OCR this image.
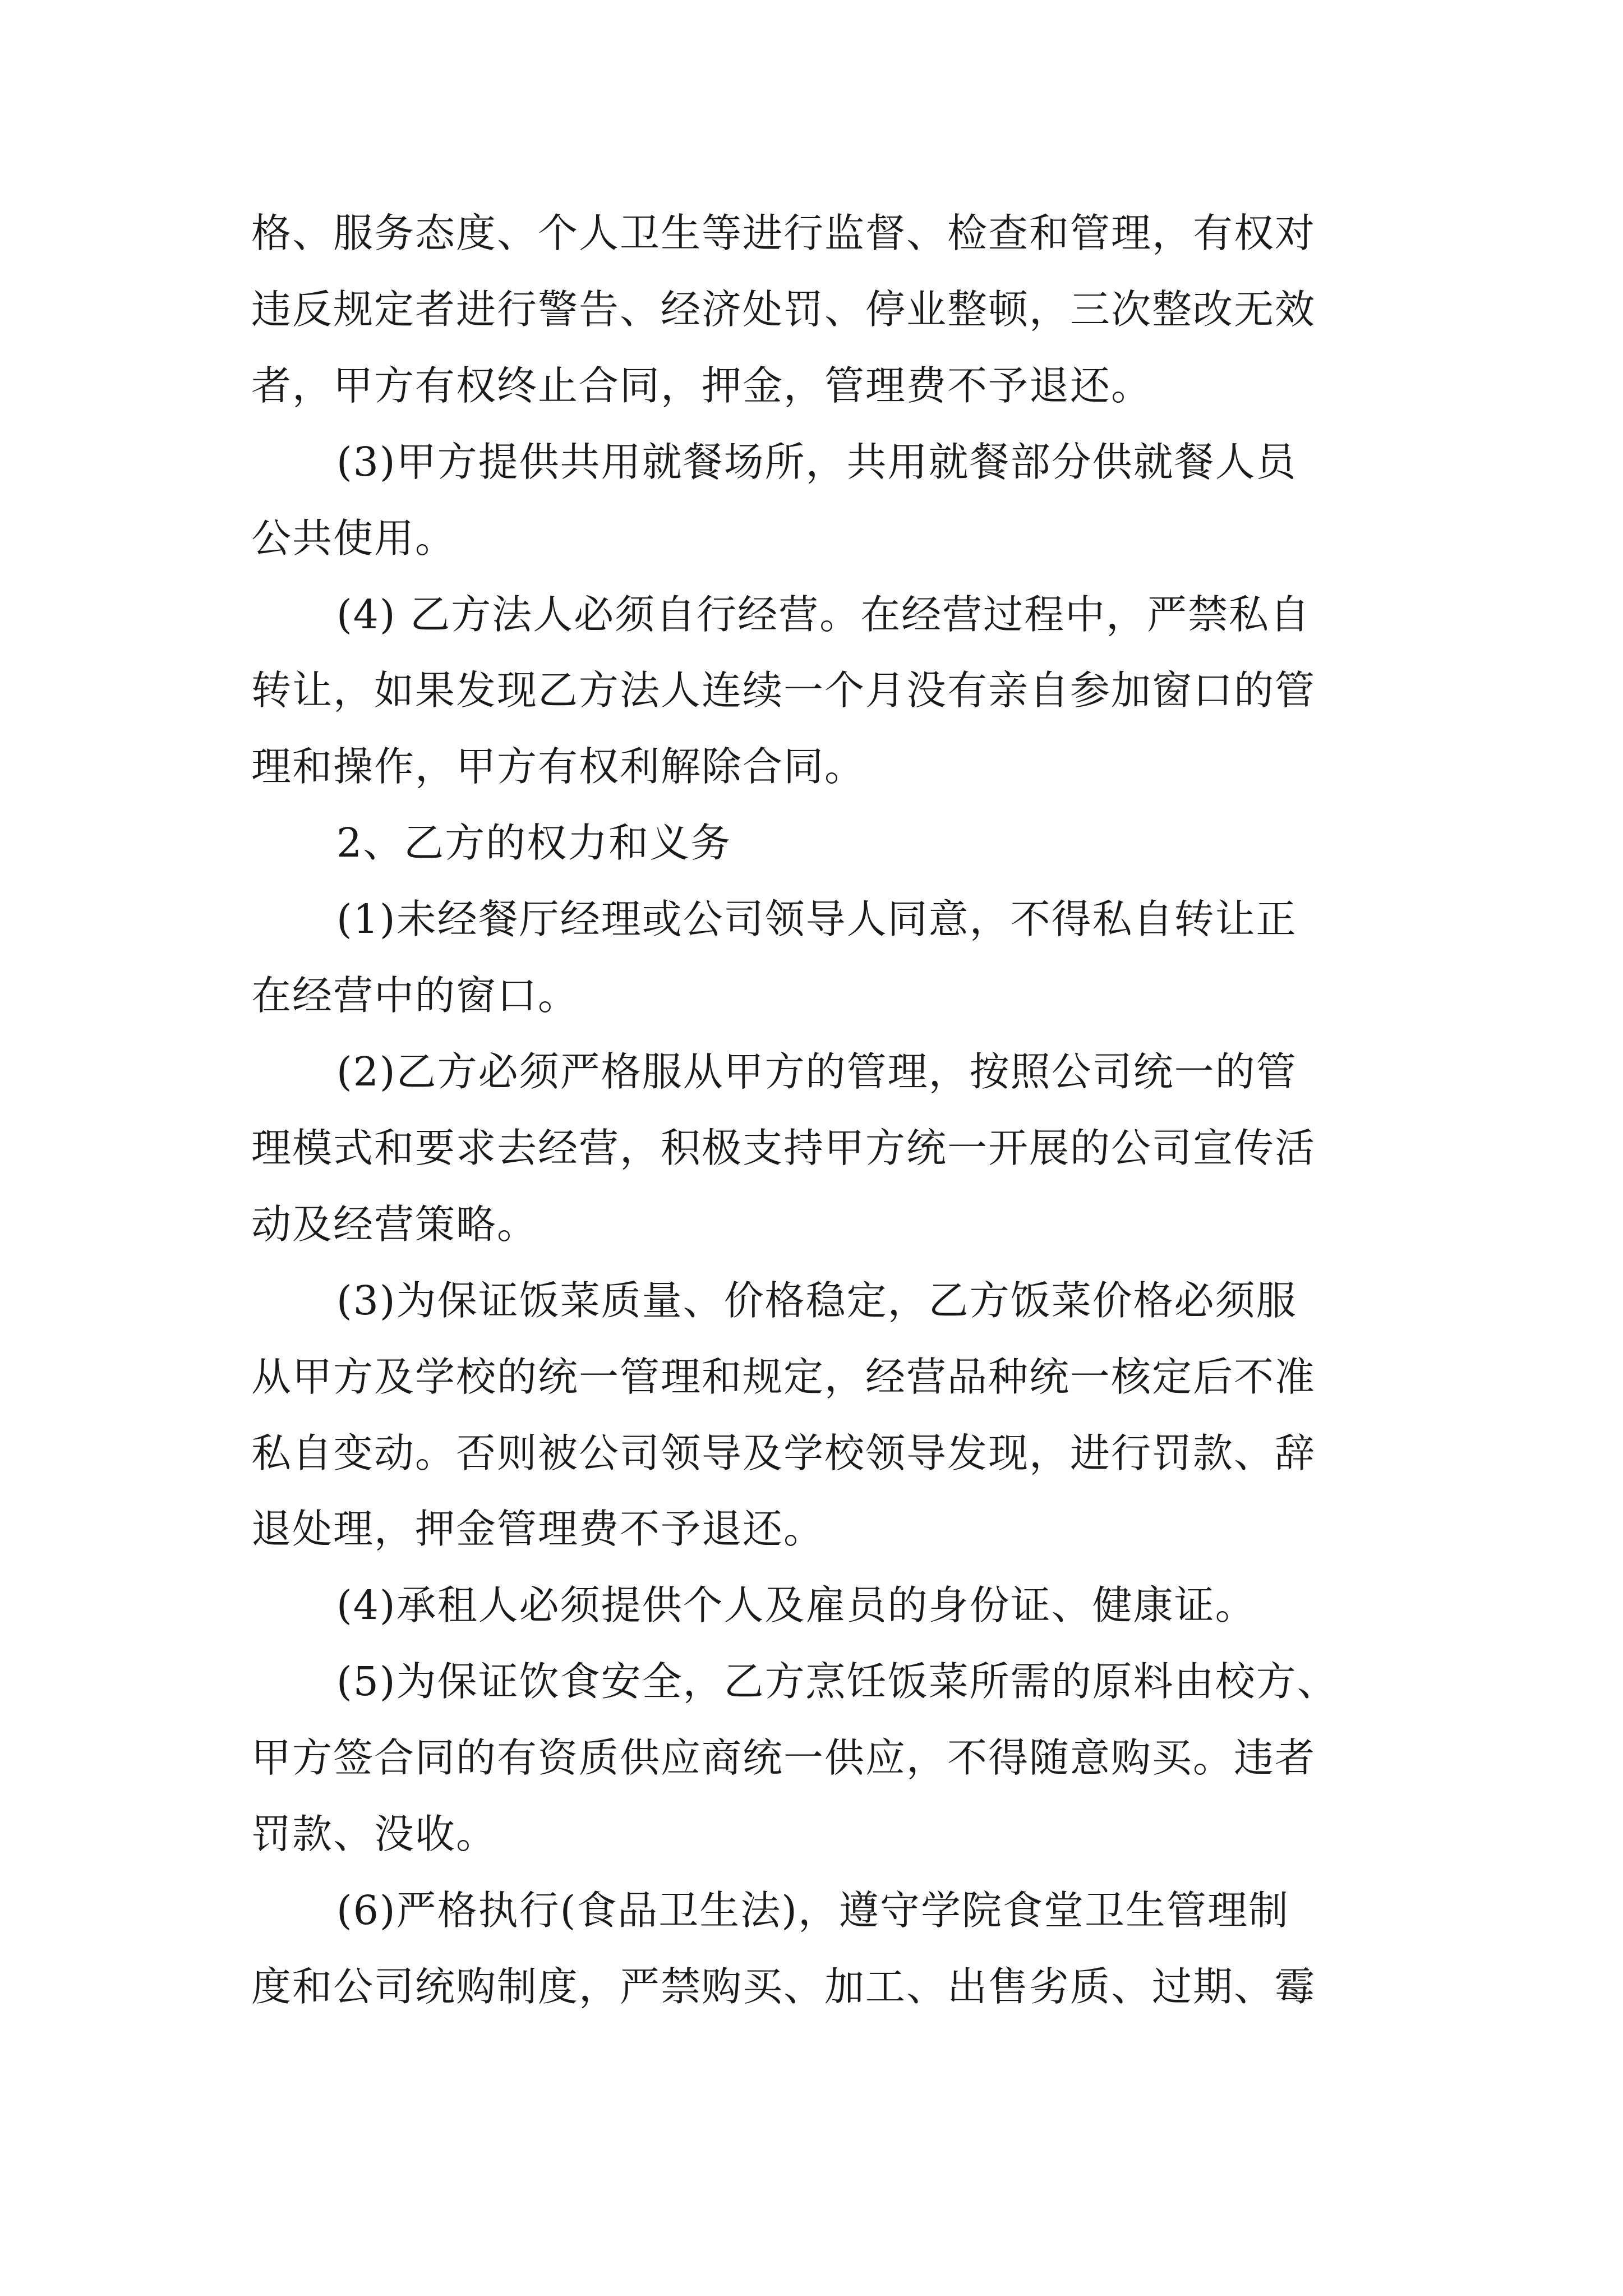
格、服务态度、个人卫生等进行监督、检查和管理，有权对
违反规定者进行警告、经济处罚、停业整顿，三次整改无效
者，甲方有权终止合同，押金，管理费不予退还。

(3)甲方提供共用就餐场所，共用就餐部分供就餐人员
公共使用。

(4) 乙方法人必须自行经营。在经营过程中，严禁私自
转让，如果发现乙方法人连续一个月没有亲自参加窗口的管
理和操作，甲方有权利解除合同。

2、乙方的权力和义务

(1)未经餐厅经理或公司领导人同意，不得私自转让正
在经营中的窗口。

(2)乙方必须严格服从甲方的管理，按照公司统一的管
理模式和要求去经营，积极支持甲方统一开展的公司宣传活
动及经营策略。

(3)为保证饭菜质量、价格稳定，乙方饭菜价格必须服
从甲方及学校的统一管理和规定，经营品种统一核定后不准
私自变动。否则被公司领导及学校领导发现，进行罚款、辞
退处理，押金管理费不予退还。

(4)承租人必须提供个人及雇员的身份证、健康证。

(5)为保证饮食安全，乙方烹饪饭菜所需的原料由校方、
甲方签合同的有资质供应商统一供应，不得随意购买。违者
罚款、没收。

(6)严格执行(食品卫生法)，遵守学院食堂卫生管理制
度和公司统购制度，严禁购买、加工、出售劣质、过期、霉
